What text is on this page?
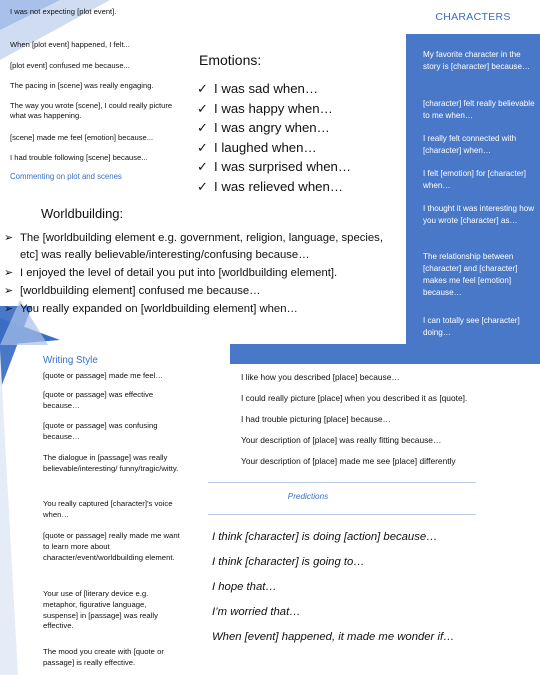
I was not expecting [plot event].
When [plot event] happened, I felt...
[plot event] confused me because...
The pacing in [scene] was really engaging.
The way you wrote [scene], I could really picture what was happening.
[scene] made me feel [emotion] because...
I had trouble following [scene] because...
Commenting on plot and scenes
Emotions:
✓ I was sad when…
✓ I was happy when…
✓ I was angry when…
✓ I laughed when…
✓ I was surprised when…
✓ I was relieved when…
CHARACTERS
My favorite character in the story is [character] because…
[character] felt really believable to me when…
I really felt connected with [character] when…
I felt [emotion] for [character] when…
I thought it was interesting how you wrote [character] as…
The relationship between [character] and [character] makes me feel [emotion] because…
I can totally see [character] doing…
Worldbuilding:
➢ The [worldbuilding element e.g. government, religion, language, species, etc] was really believable/interesting/confusing because…
➢ I enjoyed the level of detail you put into [worldbuilding element].
➢ [worldbuilding element] confused me because…
➢ You really expanded on [worldbuilding element] when…
Writing Style
[quote or passage] made me feel…
[quote or passage] was effective because…
[quote or passage] was confusing because…
The dialogue in [passage] was really believable/interesting/ funny/tragic/witty.
You really captured [character]’s voice when…
[quote or passage] really made me want to learn more about character/event/worldbuilding element.
Your use of [literary device e.g. metaphor, figurative language, suspense] in [passage] was really effective.
The mood you create with [quote or passage] is really effective.
I like how you described [place] because…
I could really picture [place] when you described it as [quote].
I had trouble picturing [place] because…
Your description of [place] was really fitting because…
Your description of [place] made me see [place] differently
Predictions
I think [character] is doing [action] because…
I think [character] is going to…
I hope that…
I’m worried that…
When [event] happened, it made me wonder if…
